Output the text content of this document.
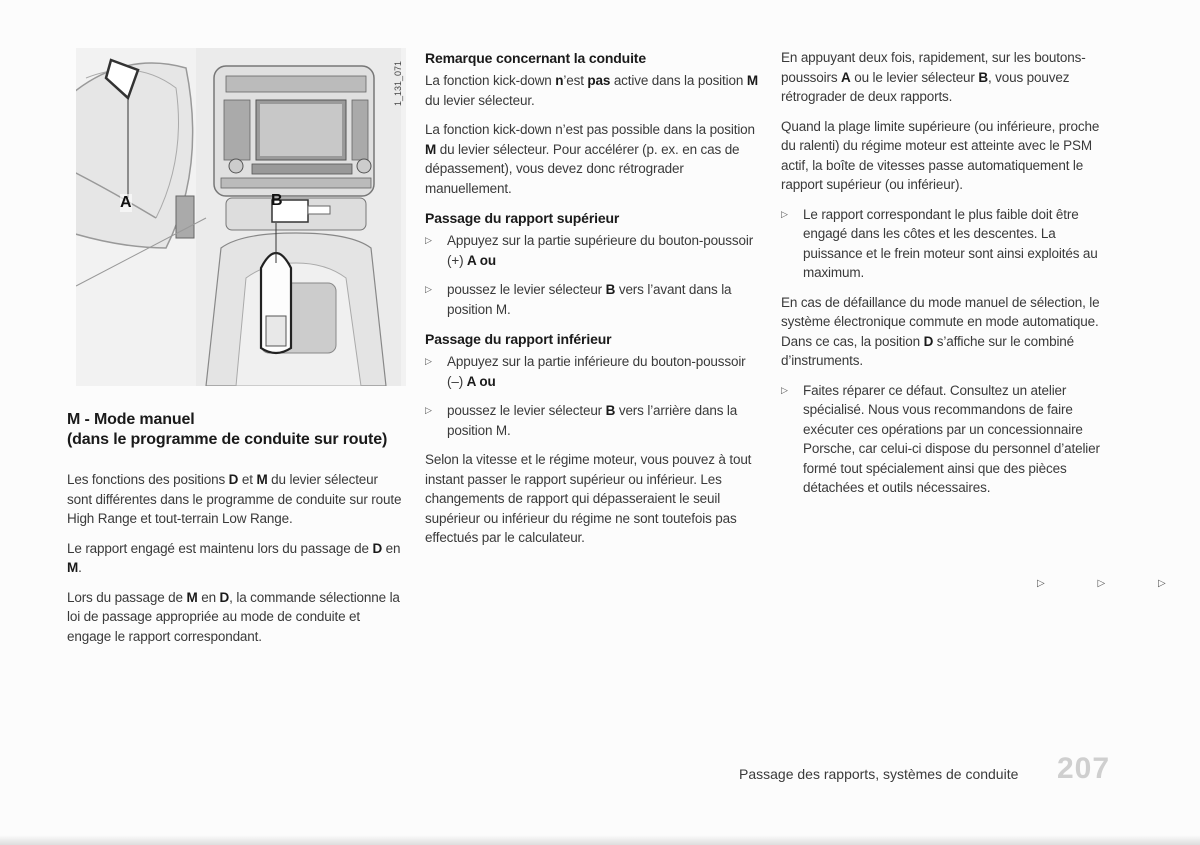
A	B
1_131_071
M - Mode manuel
(dans le programme de conduite sur route)

Les fonctions des positions D et M du levier sélecteur sont différentes dans le programme de conduite sur route High Range et tout-terrain Low Range.

Le rapport engagé est maintenu lors du passage de D en M.

Lors du passage de M en D, la commande sélectionne la loi de passage appropriée au mode de conduite et engage le rapport correspondant.

Remarque concernant la conduite

La fonction kick-down n’est pas active dans la position M du levier sélecteur.

La fonction kick-down n’est pas possible dans la position M du levier sélecteur. Pour accélérer (p. ex. en cas de dépassement), vous devez donc rétrograder manuellement.

Passage du rapport supérieur
▷ Appuyez sur la partie supérieure du bouton-poussoir (+) A ou
▷ poussez le levier sélecteur B vers l’avant dans la position M.
Passage du rapport inférieur
▷ Appuyez sur la partie inférieure du bouton-poussoir (–) A ou
▷ poussez le levier sélecteur B vers l’arrière dans la position M.

Selon la vitesse et le régime moteur, vous pouvez à tout instant passer le rapport supérieur ou inférieur. Les changements de rapport qui dépasseraient le seuil supérieur ou inférieur du régime ne sont toutefois pas effectués par le calculateur.

En appuyant deux fois, rapidement, sur les boutons-poussoirs A ou le levier sélecteur B, vous pouvez rétrograder de deux rapports.

Quand la plage limite supérieure (ou inférieure, proche du ralenti) du régime moteur est atteinte avec le PSM actif, la boîte de vitesses passe automatiquement le rapport supérieur (ou inférieur).

▷ Le rapport correspondant le plus faible doit être engagé dans les côtes et les descentes. La puissance et le frein moteur sont ainsi exploités au maximum.

En cas de défaillance du mode manuel de sélection, le système électronique commute en mode automatique.

Dans ce cas, la position D s’affiche sur le combiné d’instruments.

▷ Faites réparer ce défaut. Consultez un atelier spécialisé. Nous vous recommandons de faire exécuter ces opérations par un concessionnaire Porsche, car celui-ci dispose du personnel d’atelier formé tout spécialement ainsi que des pièces détachées et outils nécessaires.
▷ ▷ ▷
Passage des rapports, systèmes de conduite 207
